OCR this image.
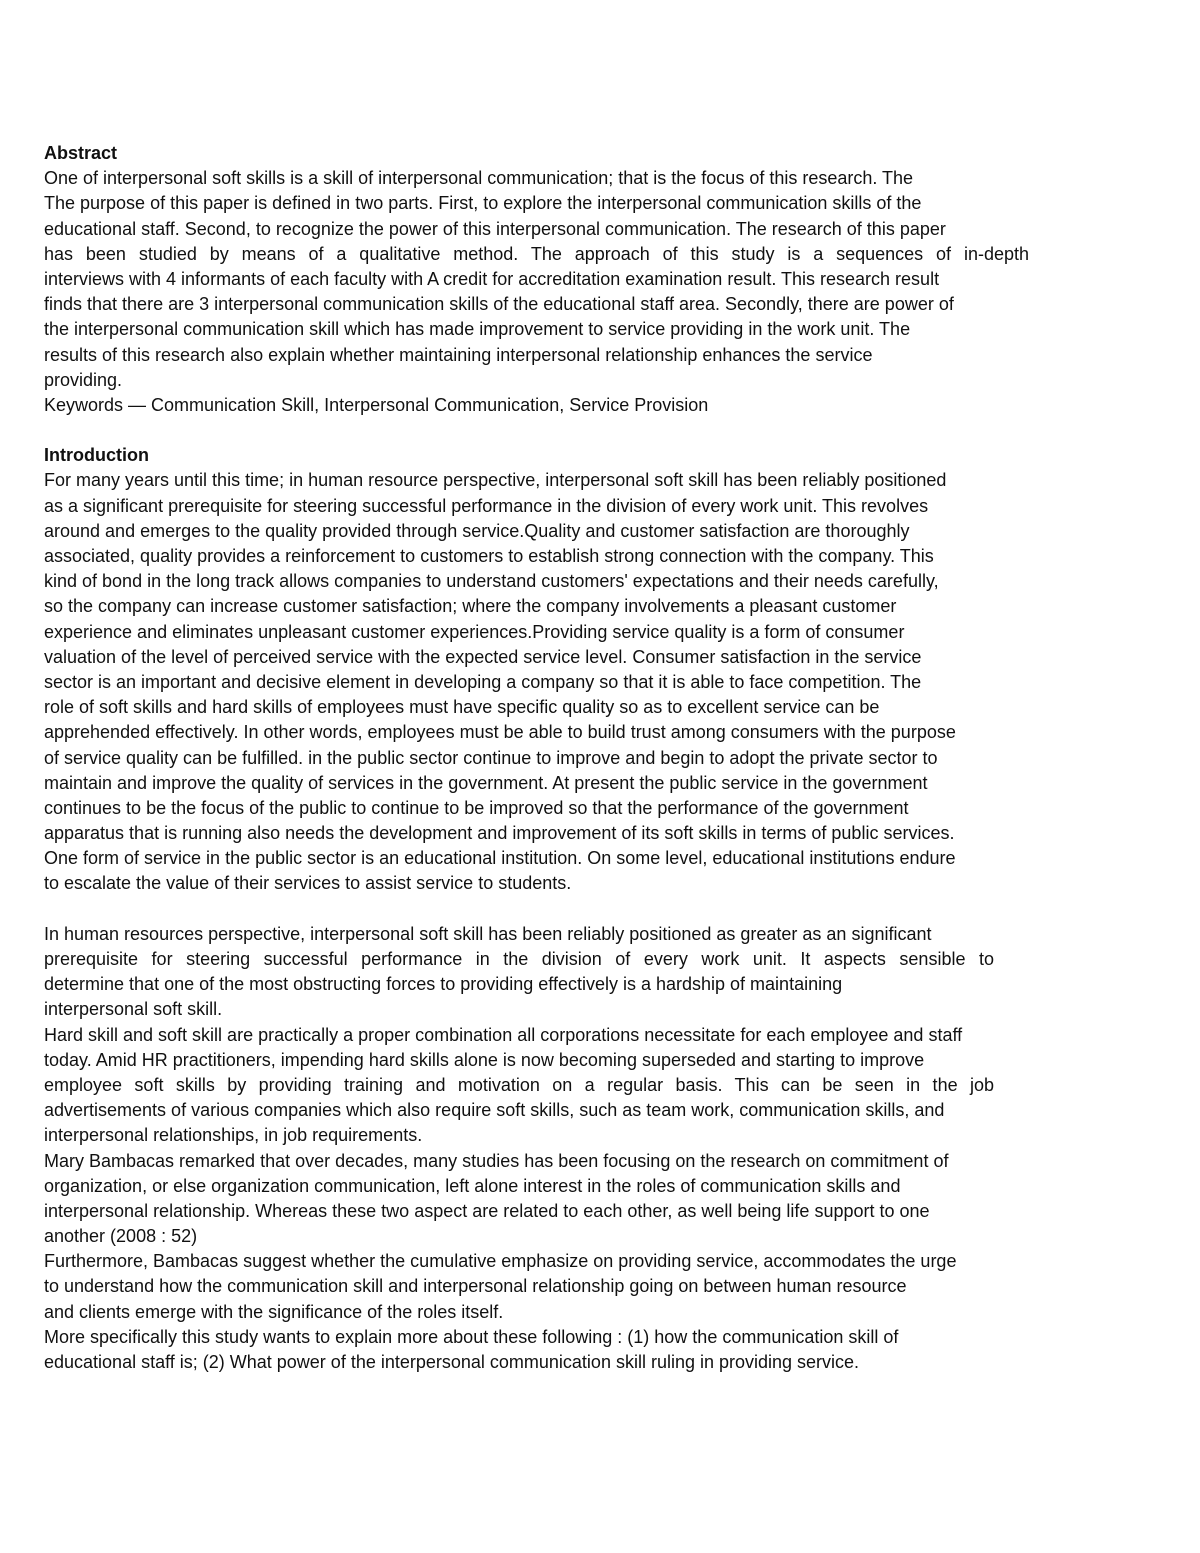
Abstract
One of interpersonal soft skills is a skill of interpersonal communication; that is the focus of this research. The
The purpose of this paper is defined in two parts. First, to explore the interpersonal communication skills of the
educational staff. Second, to recognize the power of this interpersonal communication. The research of this paper
has been studied by means of a qualitative method. The approach of this study is a sequences of in-depth
interviews with 4 informants of each faculty with A credit for accreditation examination result. This research result
finds that there are 3 interpersonal communication skills of the educational staff area. Secondly, there are power of
the interpersonal communication skill which has made improvement to service providing in the work unit. The
results of this research also explain whether maintaining interpersonal relationship enhances the service
providing.
Keywords — Communication Skill, Interpersonal Communication, Service Provision
Introduction
For many years until this time; in human resource perspective, interpersonal soft skill has been reliably positioned
as a significant prerequisite for steering successful performance in the division of every work unit. This revolves
around and emerges to the quality provided through service.Quality and customer satisfaction are thoroughly
associated, quality provides a reinforcement to customers to establish strong connection with the company. This
kind of bond in the long track allows companies to understand customers' expectations and their needs carefully,
so the company can increase customer satisfaction; where the company involvements a pleasant customer
experience and eliminates unpleasant customer experiences.Providing service quality is a form of consumer
valuation of the level of perceived service with the expected service level. Consumer satisfaction in the service
sector is an important and decisive element in developing a company so that it is able to face competition. The
role of soft skills and hard skills of employees must have specific quality so as to excellent service can be
apprehended effectively. In other words, employees must be able to build trust among consumers with the purpose
of service quality can be fulfilled. in the public sector continue to improve and begin to adopt the private sector to
maintain and improve the quality of services in the government. At present the public service in the government
continues to be the focus of the public to continue to be improved so that the performance of the government
apparatus that is running also needs the development and improvement of its soft skills in terms of public services.
One form of service in the public sector is an educational institution. On some level, educational institutions endure
to escalate the value of their services to assist service to students.
In human resources perspective, interpersonal soft skill has been reliably positioned as greater as an significant
prerequisite for steering successful performance in the division of every work unit. It aspects sensible to
determine that one of the most obstructing forces to providing effectively is a hardship of maintaining
interpersonal soft skill.
Hard skill and soft skill are practically a proper combination all corporations necessitate for each employee and staff
today. Amid HR practitioners, impending hard skills alone is now becoming superseded and starting to improve
employee soft skills by providing training and motivation on a regular basis. This can be seen in the job
advertisements of various companies which also require soft skills, such as team work, communication skills, and
interpersonal relationships, in job requirements.
Mary Bambacas remarked that over decades, many studies has been focusing on the research on commitment of
organization, or else organization communication, left alone interest in the roles of communication skills and
interpersonal relationship. Whereas these two aspect are related to each other, as well being life support to one
another (2008 : 52)
Furthermore, Bambacas suggest whether the cumulative emphasize on providing service, accommodates the urge
to understand how the communication skill and interpersonal relationship going on between human resource
and clients emerge with the significance of the roles itself.
More specifically this study wants to explain more about these following : (1) how the communication skill of
educational staff is; (2) What power of the interpersonal communication skill ruling in providing service.
